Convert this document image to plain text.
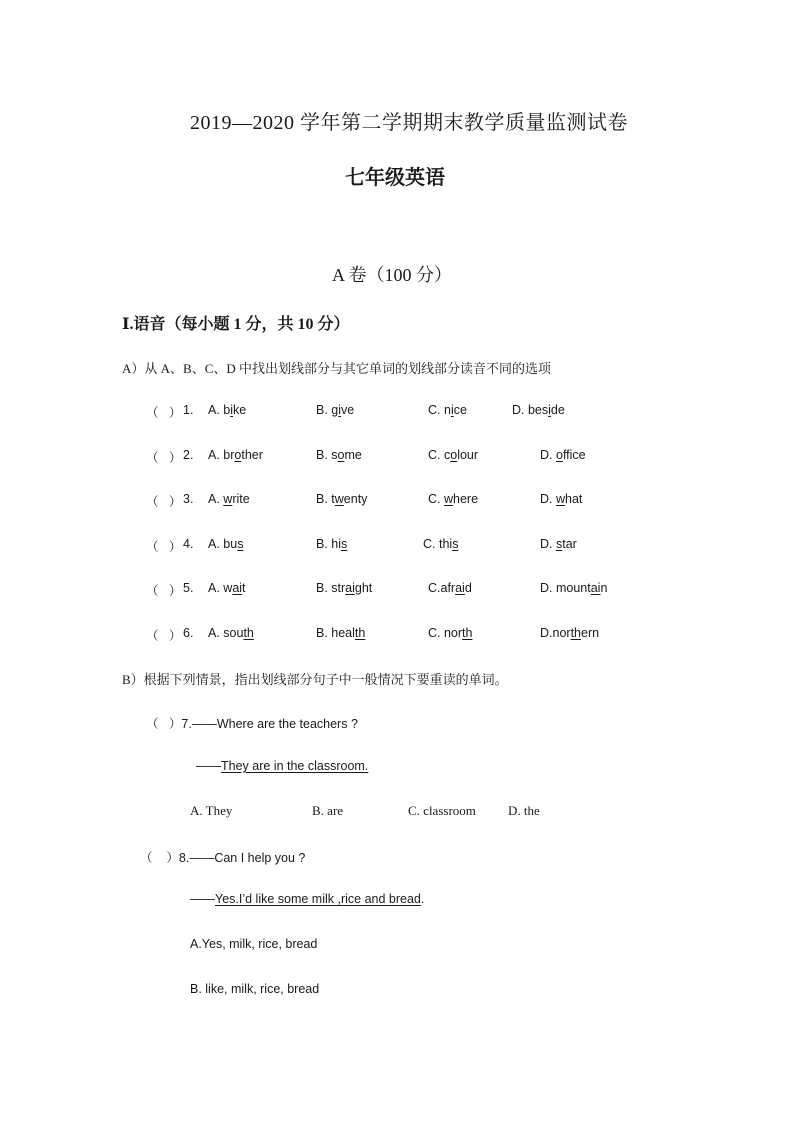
2019—2020 学年第二学期期末教学质量监测试卷
七年级英语
A 卷（100 分）
Ⅰ.语音（每小题 1 分，共 10 分）
A）从 A、B、C、D 中找出划线部分与其它单词的划线部分读音不同的选项
（   ） 1. A. bike	B. give	C. nice	D. beside
（   ） 2. A. brother	B. some	C. colour	D. office
（   ） 3. A. write	B. twenty	C. where	D. what
（   ） 4. A. bus	B. his	C. this	D. star
（   ） 5. A. wait	B. straight	C.afraid	D. mountain
（   ） 6. A. south	B. health	C. north	D.northern
B）根据下列情景，指出划线部分句子中一般情况下要重读的单词。
（   ）7.——Where are the teachers ?
——They are in the classroom.
A. They	B. are	C. classroom D. the
（    ）8.——Can I help you ?
——Yes.I’d like some milk ,rice and bread.
A.Yes, milk, rice, bread
B. like, milk, rice, bread
